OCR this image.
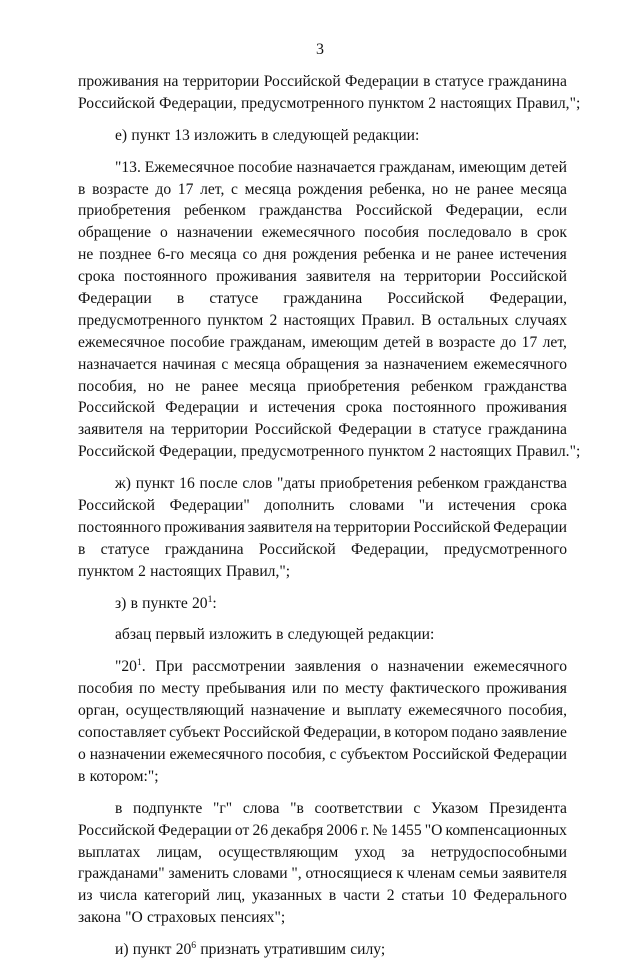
3
проживания на территории Российской Федерации в статусе гражданина
Российской Федерации, предусмотренного пунктом 2 настоящих Правил,";
е) пункт 13 изложить в следующей редакции:
"13. Ежемесячное пособие назначается гражданам, имеющим детей
в возрасте до 17 лет, с месяца рождения ребенка, но не ранее месяца
приобретения ребенком гражданства Российской Федерации, если
обращение о назначении ежемесячного пособия последовало в срок
не позднее 6-го месяца со дня рождения ребенка и не ранее истечения
срока постоянного проживания заявителя на территории Российской
Федерации в статусе гражданина Российской Федерации,
предусмотренного пунктом 2 настоящих Правил. В остальных случаях
ежемесячное пособие гражданам, имеющим детей в возрасте до 17 лет,
назначается начиная с месяца обращения за назначением ежемесячного
пособия, но не ранее месяца приобретения ребенком гражданства
Российской Федерации и истечения срока постоянного проживания
заявителя на территории Российской Федерации в статусе гражданина
Российской Федерации, предусмотренного пунктом 2 настоящих Правил.";
ж) пункт 16 после слов "даты приобретения ребенком гражданства
Российской Федерации" дополнить словами "и истечения срока
постоянного проживания заявителя на территории Российской Федерации
в статусе гражданина Российской Федерации, предусмотренного
пунктом 2 настоящих Правил,";
з) в пункте $20^1$:
абзац первый изложить в следующей редакции:
"$20^1$. При рассмотрении заявления о назначении ежемесячного
пособия по месту пребывания или по месту фактического проживания
орган, осуществляющий назначение и выплату ежемесячного пособия,
сопоставляет субъект Российской Федерации, в котором подано заявление
о назначении ежемесячного пособия, с субъектом Российской Федерации
в котором:";
в подпункте "г" слова "в соответствии с Указом Президента
Российской Федерации от 26 декабря 2006 г. № 1455 "О компенсационных
выплатах лицам, осуществляющим уход за нетрудоспособными
гражданами" заменить словами ", относящиеся к членам семьи заявителя
из числа категорий лиц, указанных в части 2 статьи 10 Федерального
закона "О страховых пенсиях";
и) пункт $20^6$ признать утратившим силу;
